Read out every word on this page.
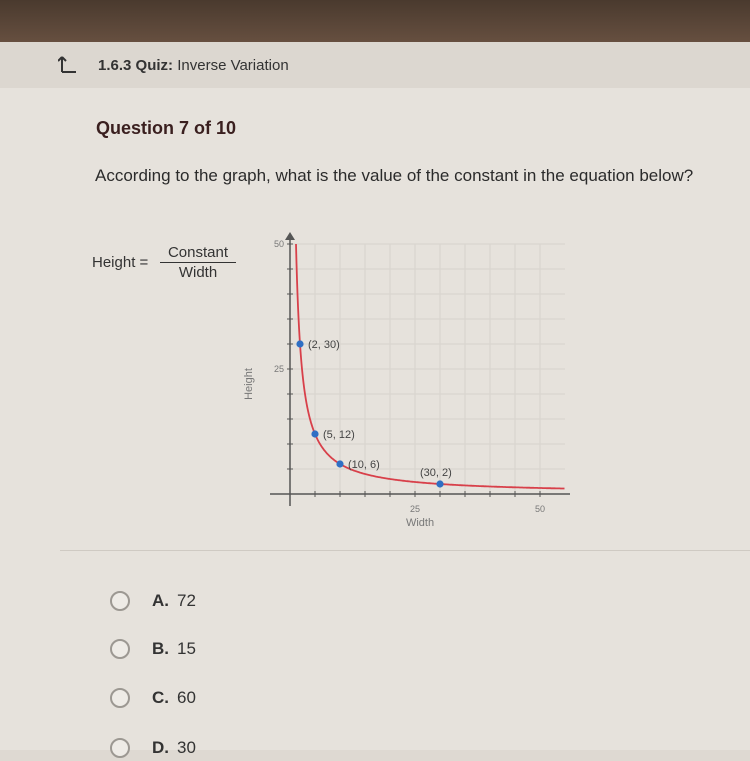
1.6.3 Quiz: Inverse Variation
Question 7 of 10
According to the graph, what is the value of the constant in the equation below?
Height =
Constant
Width
25	50
25
50
Width
Height
(2, 30)
(5, 12)
(10, 6)
(30, 2)
A. 72
B. 15
C. 60
D. 30
